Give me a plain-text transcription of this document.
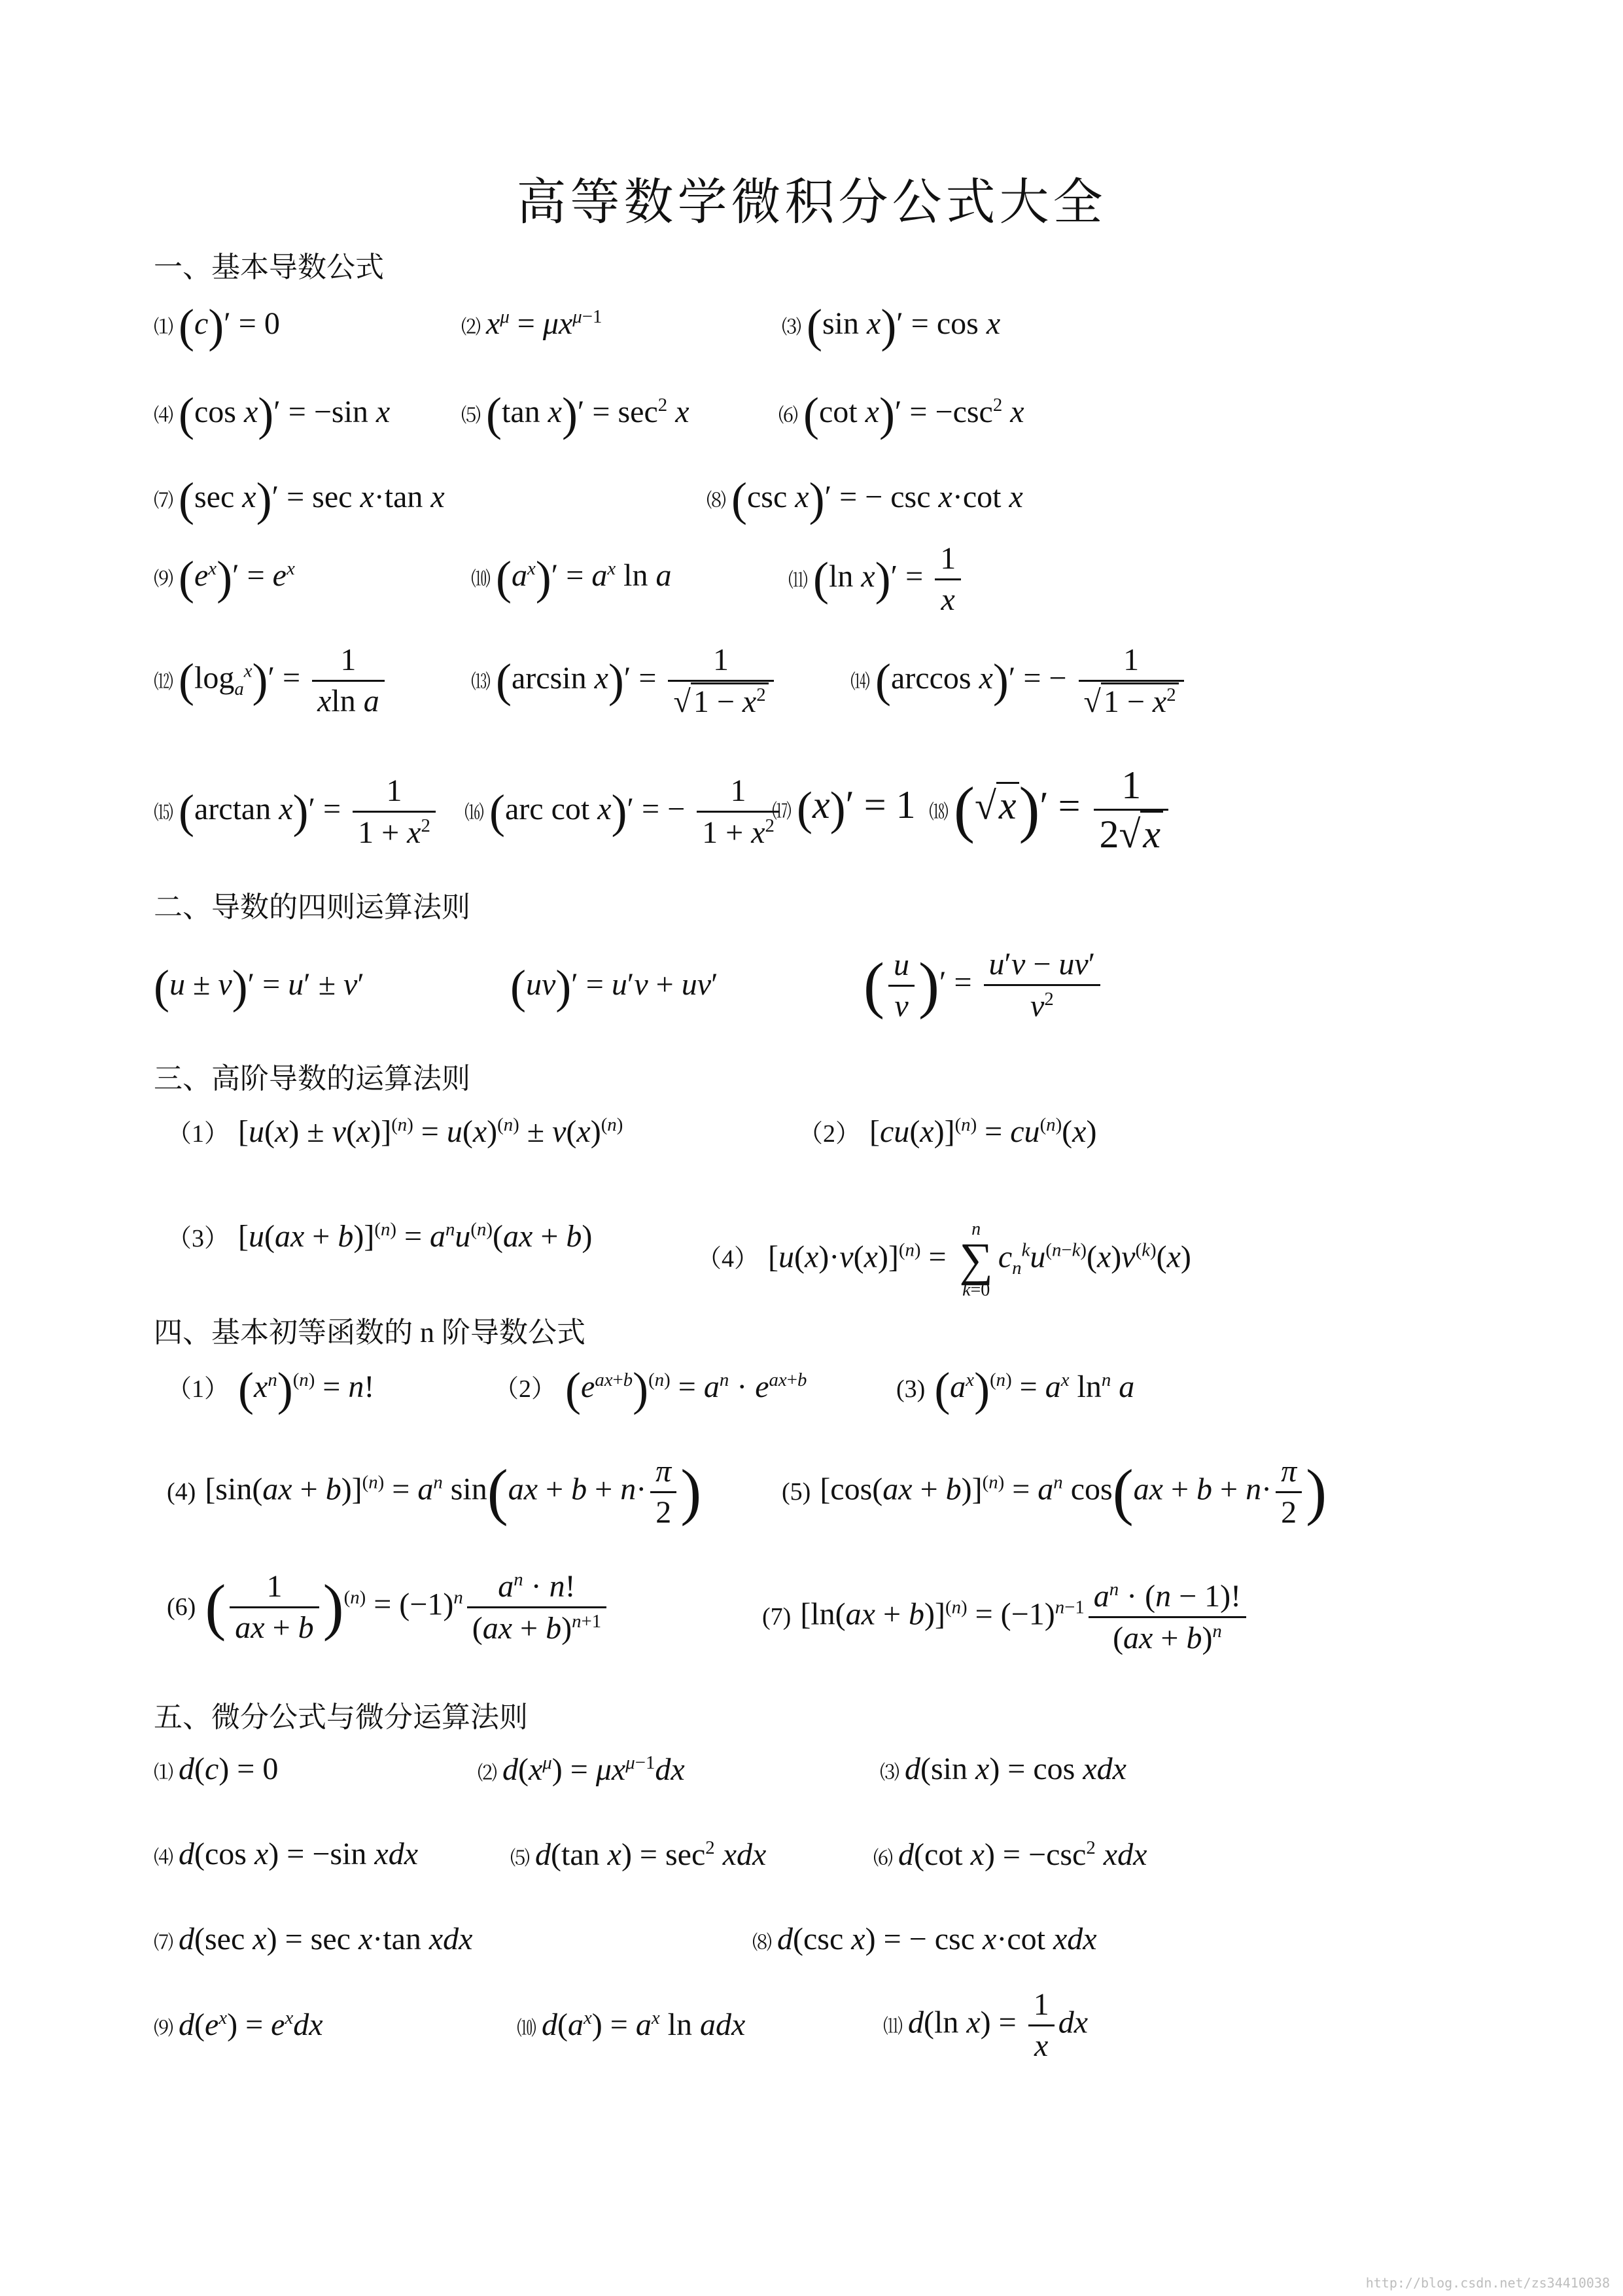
高等数学微积分公式大全
一、基本导数公式
⑴ (c)′ = 0	⑵ $x^\mu = \mu x^{\mu-1}$	⑶ (sin x)′ = cos x
⑷ (cos x)′ = −sin x	⑸ (tan $x)' = \sec^2 x$	⑹ (cot $x)' = -\csc^2$ x
⑺ (sec x)′ = sec x·tan x	⑻ (csc x)′ = − csc x·cot x
⑼ $(e^x)' = e^x$	⑽ $(a^x)' = a^x$ ln a	⑾ (ln $x)' = \frac{1}{x}$
⑿ $(\log_a^x)' = \frac{1}{\text{xln a}}$	⒀ (arcsin $x)' = \frac{1}{√1 - x^2}$	⒁ (arccos x)′ = − $\frac{1}{√1 - x^2}$
⒂ (arctan $x)' = \frac{1}{1 + x^2}$ ⒃ (arc cot x)′ = − $\frac{1}{1 + x^2}$
⒄ (x)′ = 1 ⒅(√x)′ = $\frac{1}{2√x}$
二、导数的四则运算法则
(u ± v)′ = u′ ± v′	(uv)′ = u′v + uv′ ( $\frac{u}{v}$ )′ = $\frac{u'v - uv'}{v^2}$
三、高阶导数的运算法则
（1） $[u(x) \pm v(x)]^{(n)} = u(x)^{(n)} \pm v(x)^{(n)}$	（2） $[cu(x)]^{(n)} = cu^{(n)}(x)$
（3） $[u(ax + b)]^{(n)} = a^nu^{(n)}(ax + b)$
（4） $[u(x)\cdot v(x)]^{(n)}$ =
n
∑
k=0
$c_n^ku^{(n-k)}(x)v^{(k)}(x)$
四、基本初等函数的 n 阶导数公式
（1） $(x^n)^{(n)} = n$!	（2） $(e^{ax+b})^{(n)} = a^n \cdot e^{ax+b}$	(3) $(a^x)^{(n)} = a^x$ $\ln^n a$
(4) $[\sin(ax + b)]^{(n)} = a^n$ $\sin(ax + b + n\cdot \frac{\pi}{2}$ )	(5) $[\cos(ax + b)]^{(n)} = a^n$ $\cos(ax + b + n\cdot \frac{\pi}{2}$ )
(6) ( $\frac{1}{ax + b} )^{(n)} = (-1)^n \frac{a^n \cdot n!}{(ax + b)^{n+1}}$	(7) $[\ln(ax + b)]^{(n)} = (-1)^{n-1} \frac{a^n \cdot (n - 1)!}{(ax + b)^n}$
五、微分公式与微分运算法则
⑴ d(c) = 0	⑵ $d(x^\mu) = \mu x^{\mu-1}dx$	⑶ d(sin x) = cos xdx
⑷ d(cos x) = −sin xdx	⑸ d(tan $x) = \sec^2$ xdx	⑹ d(cot $x) = -\csc^2$ xdx
⑺ d(sec x) = sec x·tan xdx	⑻ d(csc x) = − csc x·cot xdx
⑼ $d(e^x) = e^xdx$	⑽ $d(a^x) = a^x$ ln adx	⑾ d(ln $x) = \frac{1}{x}$ dx
http://blog.csdn.net/zs34410038
